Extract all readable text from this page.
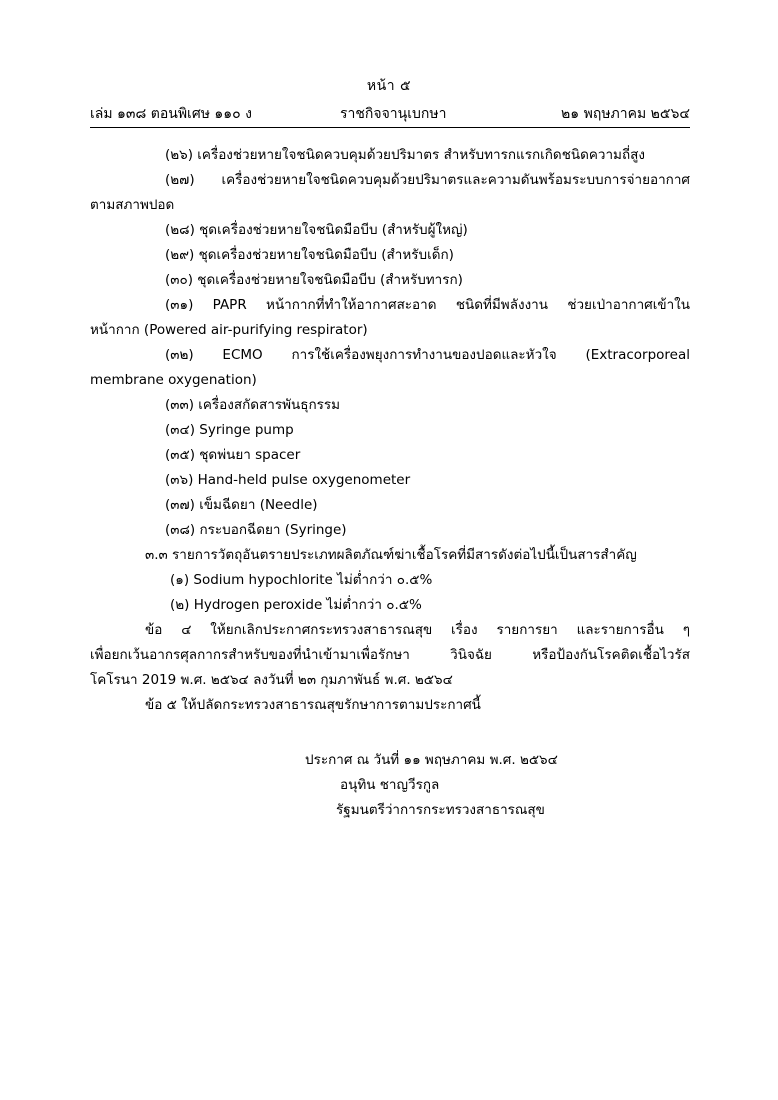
หน้า ๕
เล่ม ๑๓๘ ตอนพิเศษ ๑๑๐ ง	ราชกิจจานุเบกษา	๒๑ พฤษภาคม ๒๕๖๔
(๒๖) เครื่องช่วยหายใจชนิดควบคุมด้วยปริมาตร สำหรับทารกแรกเกิดชนิดความถี่สูง
(๒๗) เครื่องช่วยหายใจชนิดควบคุมด้วยปริมาตรและความดันพร้อมระบบการจ่ายอากาศ
ตามสภาพปอด
(๒๘) ชุดเครื่องช่วยหายใจชนิดมือบีบ (สำหรับผู้ใหญ่)
(๒๙) ชุดเครื่องช่วยหายใจชนิดมือบีบ (สำหรับเด็ก)
(๓๐) ชุดเครื่องช่วยหายใจชนิดมือบีบ (สำหรับทารก)
(๓๑) PAPR หน้ากากที่ทำให้อากาศสะอาด ชนิดที่มีพลังงาน ช่วยเป่าอากาศเข้าใน
หน้ากาก (Powered air-purifying respirator)
(๓๒) ECMO การใช้เครื่องพยุงการทำงานของปอดและหัวใจ (Extracorporeal
membrane oxygenation)
(๓๓) เครื่องสกัดสารพันธุกรรม
(๓๔) Syringe pump
(๓๕) ชุดพ่นยา spacer
(๓๖) Hand-held pulse oxygenometer
(๓๗) เข็มฉีดยา (Needle)
(๓๘) กระบอกฉีดยา (Syringe)
๓.๓ รายการวัตถุอันตรายประเภทผลิตภัณฑ์ฆ่าเชื้อโรคที่มีสารดังต่อไปนี้เป็นสารสำคัญ
(๑) Sodium hypochlorite ไม่ต่ำกว่า ๐.๕%
(๒) Hydrogen peroxide ไม่ต่ำกว่า ๐.๕%
ข้อ ๔ ให้ยกเลิกประกาศกระทรวงสาธารณสุข เรื่อง รายการยา และรายการอื่น ๆ
เพื่อยกเว้นอากรศุลกากรสำหรับของที่นำเข้ามาเพื่อรักษา วินิจฉัย หรือป้องกันโรคติดเชื้อไวรัส
โคโรนา 2019 พ.ศ. ๒๕๖๔ ลงวันที่ ๒๓ กุมภาพันธ์ พ.ศ. ๒๕๖๔
ข้อ ๕ ให้ปลัดกระทรวงสาธารณสุขรักษาการตามประกาศนี้
ประกาศ ณ วันที่ ๑๑ พฤษภาคม พ.ศ. ๒๕๖๔
อนุทิน ชาญวีรกูล
รัฐมนตรีว่าการกระทรวงสาธารณสุข
